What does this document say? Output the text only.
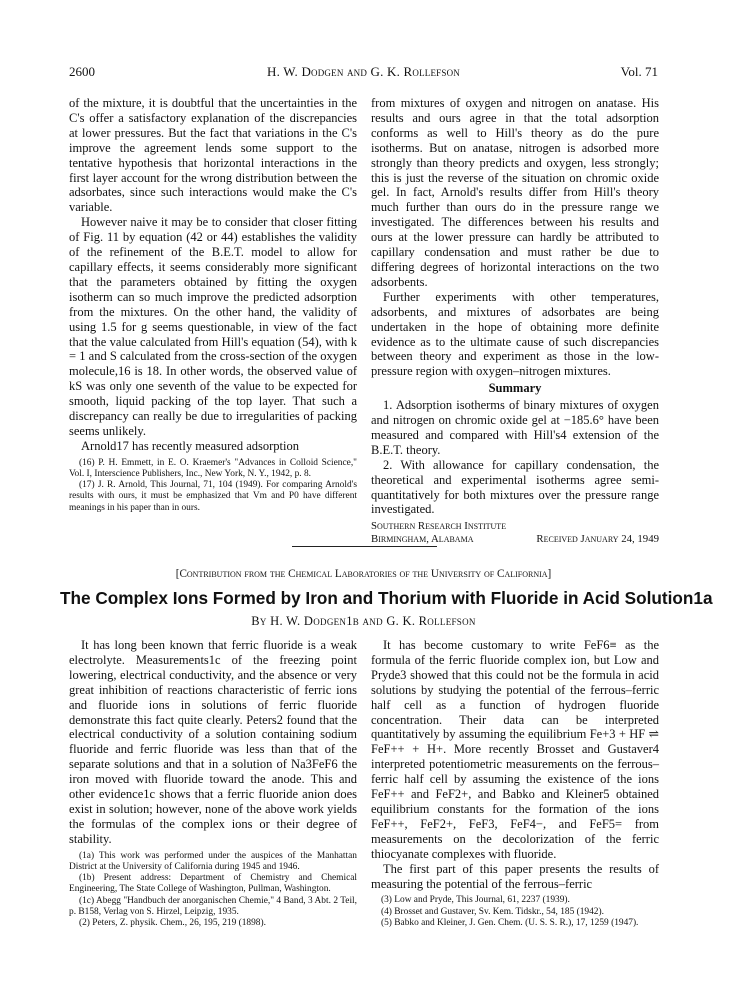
2600	H. W. Dodgen and G. K. Rollefson	Vol. 71

of the mixture, it is doubtful that the uncertainties in the C's offer a satisfactory explanation of the discrepancies at lower pressures. But the fact that variations in the C's improve the agreement lends some support to the tentative hypothesis that horizontal interactions in the first layer account for the wrong distribution between the adsorbates, since such interactions would make the C's variable.

However naive it may be to consider that closer fitting of Fig. 11 by equation (42 or 44) establishes the validity of the refinement of the B.E.T. model to allow for capillary effects, it seems considerably more significant that the parameters obtained by fitting the oxygen isotherm can so much improve the predicted adsorption from the mixtures. On the other hand, the validity of using 1.5 for g seems questionable, in view of the fact that the value calculated from Hill's equation (54), with k = 1 and S calculated from the cross-section of the oxygen molecule,16 is 18. In other words, the observed value of kS was only one seventh of the value to be expected for smooth, liquid packing of the top layer. That such a discrepancy can really be due to irregularities of packing seems unlikely.

Arnold17 has recently measured adsorption

(16) P. H. Emmett, in E. O. Kraemer's "Advances in Colloid Science," Vol. I, Interscience Publishers, Inc., New York, N. Y., 1942, p. 8.

(17) J. R. Arnold, This Journal, 71, 104 (1949). For comparing Arnold's results with ours, it must be emphasized that Vm and P0 have different meanings in his paper than in ours.

from mixtures of oxygen and nitrogen on anatase. His results and ours agree in that the total adsorption conforms as well to Hill's theory as do the pure isotherms. But on anatase, nitrogen is adsorbed more strongly than theory predicts and oxygen, less strongly; this is just the reverse of the situation on chromic oxide gel. In fact, Arnold's results differ from Hill's theory much further than ours do in the pressure range we investigated. The differences between his results and ours at the lower pressure can hardly be attributed to capillary condensation and must rather be due to differing degrees of horizontal interactions on the two adsorbents.

Further experiments with other temperatures, adsorbents, and mixtures of adsorbates are being undertaken in the hope of obtaining more definite evidence as to the ultimate cause of such discrepancies between theory and experiment as those in the low-pressure region with oxygen–nitrogen mixtures.

Summary

1. Adsorption isotherms of binary mixtures of oxygen and nitrogen on chromic oxide gel at −185.6° have been measured and compared with Hill's4 extension of the B.E.T. theory.

2. With allowance for capillary condensation, the theoretical and experimental isotherms agree semi-quantitatively for both mixtures over the pressure range investigated.

Southern Research Institute
Birmingham, Alabama	Received January 24, 1949
[Contribution from the Chemical Laboratories of the University of California]
The Complex Ions Formed by Iron and Thorium with Fluoride in Acid Solution1a
By H. W. Dodgen1b and G. K. Rollefson

It has long been known that ferric fluoride is a weak electrolyte. Measurements1c of the freezing point lowering, electrical conductivity, and the absence or very great inhibition of reactions characteristic of ferric ions and fluoride ions in solutions of ferric fluoride demonstrate this fact quite clearly. Peters2 found that the electrical conductivity of a solution containing sodium fluoride and ferric fluoride was less than that of the separate solutions and that in a solution of Na3FeF6 the iron moved with fluoride toward the anode. This and other evidence1c shows that a ferric fluoride anion does exist in solution; however, none of the above work yields the formulas of the complex ions or their degree of stability.

(1a) This work was performed under the auspices of the Manhattan District at the University of California during 1945 and 1946.

(1b) Present address: Department of Chemistry and Chemical Engineering, The State College of Washington, Pullman, Washington.

(1c) Abegg "Handbuch der anorganischen Chemie," 4 Band, 3 Abt. 2 Teil, p. B158, Verlag von S. Hirzel, Leipzig, 1935.

(2) Peters, Z. physik. Chem., 26, 195, 219 (1898).

It has become customary to write FeF6≡ as the formula of the ferric fluoride complex ion, but Low and Pryde3 showed that this could not be the formula in acid solutions by studying the potential of the ferrous–ferric half cell as a function of hydrogen fluoride concentration. Their data can be interpreted quantitatively by assuming the equilibrium Fe+3 + HF ⇌ FeF++ + H+. More recently Brosset and Gustaver4 interpreted potentiometric measurements on the ferrous–ferric half cell by assuming the existence of the ions FeF++ and FeF2+, and Babko and Kleiner5 obtained equilibrium constants for the formation of the ions FeF++, FeF2+, FeF3, FeF4−, and FeF5= from measurements on the decolorization of the ferric thiocyanate complexes with fluoride.

The first part of this paper presents the results of measuring the potential of the ferrous–ferric

(3) Low and Pryde, This Journal, 61, 2237 (1939).

(4) Brosset and Gustaver, Sv. Kem. Tidskr., 54, 185 (1942).

(5) Babko and Kleiner, J. Gen. Chem. (U. S. S. R.), 17, 1259 (1947).
